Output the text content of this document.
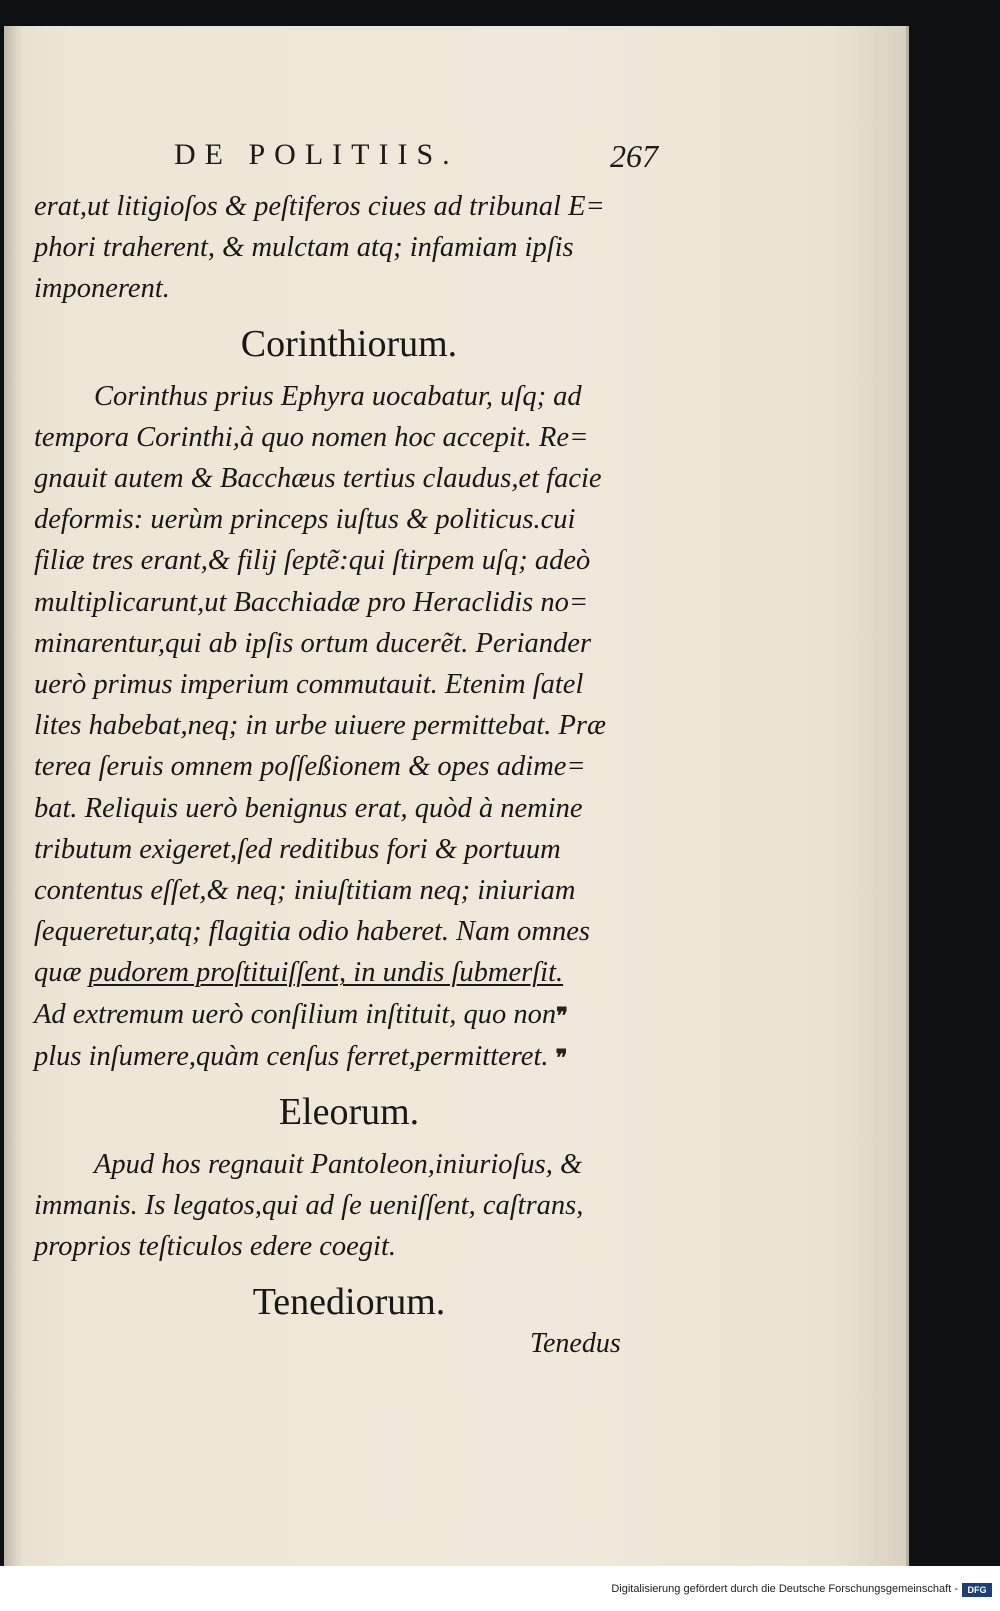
DE POLITIIS.	267
erat,ut litigioſos & peſtiferos ciues ad tribunal E=
phori traherent, & mulctam atq; infamiam ipſis
imponerent.
Corinthiorum.
Corinthus prius Ephyra uocabatur, uſq; ad
tempora Corinthi,à quo nomen hoc accepit. Re=
gnauit autem & Bacchæus tertius claudus,et facie
deformis: uerùm princeps iuſtus & politicus.cui
filiæ tres erant,& filij ſeptẽ:qui ſtirpem uſq; adeò
multiplicarunt,ut Bacchiadæ pro Heraclidis no=
minarentur,qui ab ipſis ortum ducerẽt. Periander
uerò primus imperium commutauit. Etenim ſatel
lites habebat,neq; in urbe uiuere permittebat. Præ
terea ſeruis omnem poſſeßionem & opes adime=
bat. Reliquis uerò benignus erat, quòd à nemine
tributum exigeret,ſed reditibus fori & portuum
contentus eſſet,& neq; iniuſtitiam neq; iniuriam
ſequeretur,atq; flagitia odio haberet. Nam omnes
quæ pudorem proſtituiſſent, in undis ſubmerſit.
Ad extremum uerò conſilium inſtituit, quo non❞
plus inſumere,quàm cenſus ferret,permitteret. ❞
Eleorum.
Apud hos regnauit Pantoleon,iniurioſus, &
immanis. Is legatos,qui ad ſe ueniſſent, caſtrans,
proprios teſticulos edere coegit.
Tenediorum.
Tenedus
Digitalisierung gefördert durch die Deutsche Forschungsgemeinschaft -	DFG
